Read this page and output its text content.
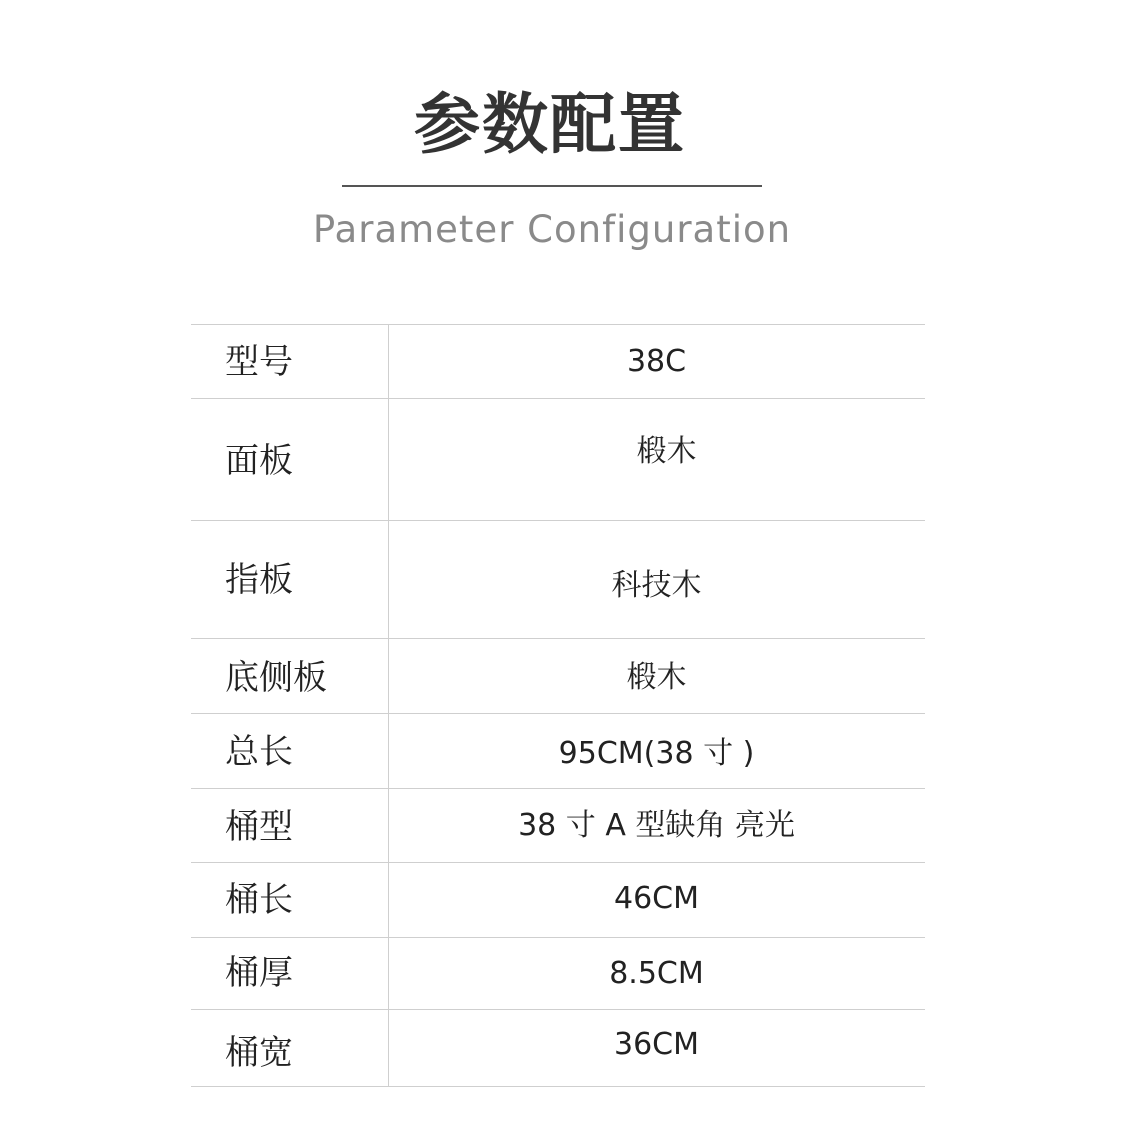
参数配置
Parameter Configuration
型号	38C
面板	椴木
指板	科技木
底侧板	椴木
总长	95CM(38 寸 )
桶型	38 寸 A 型缺角 亮光
桶长	46CM
桶厚	8.5CM
桶宽	36CM
